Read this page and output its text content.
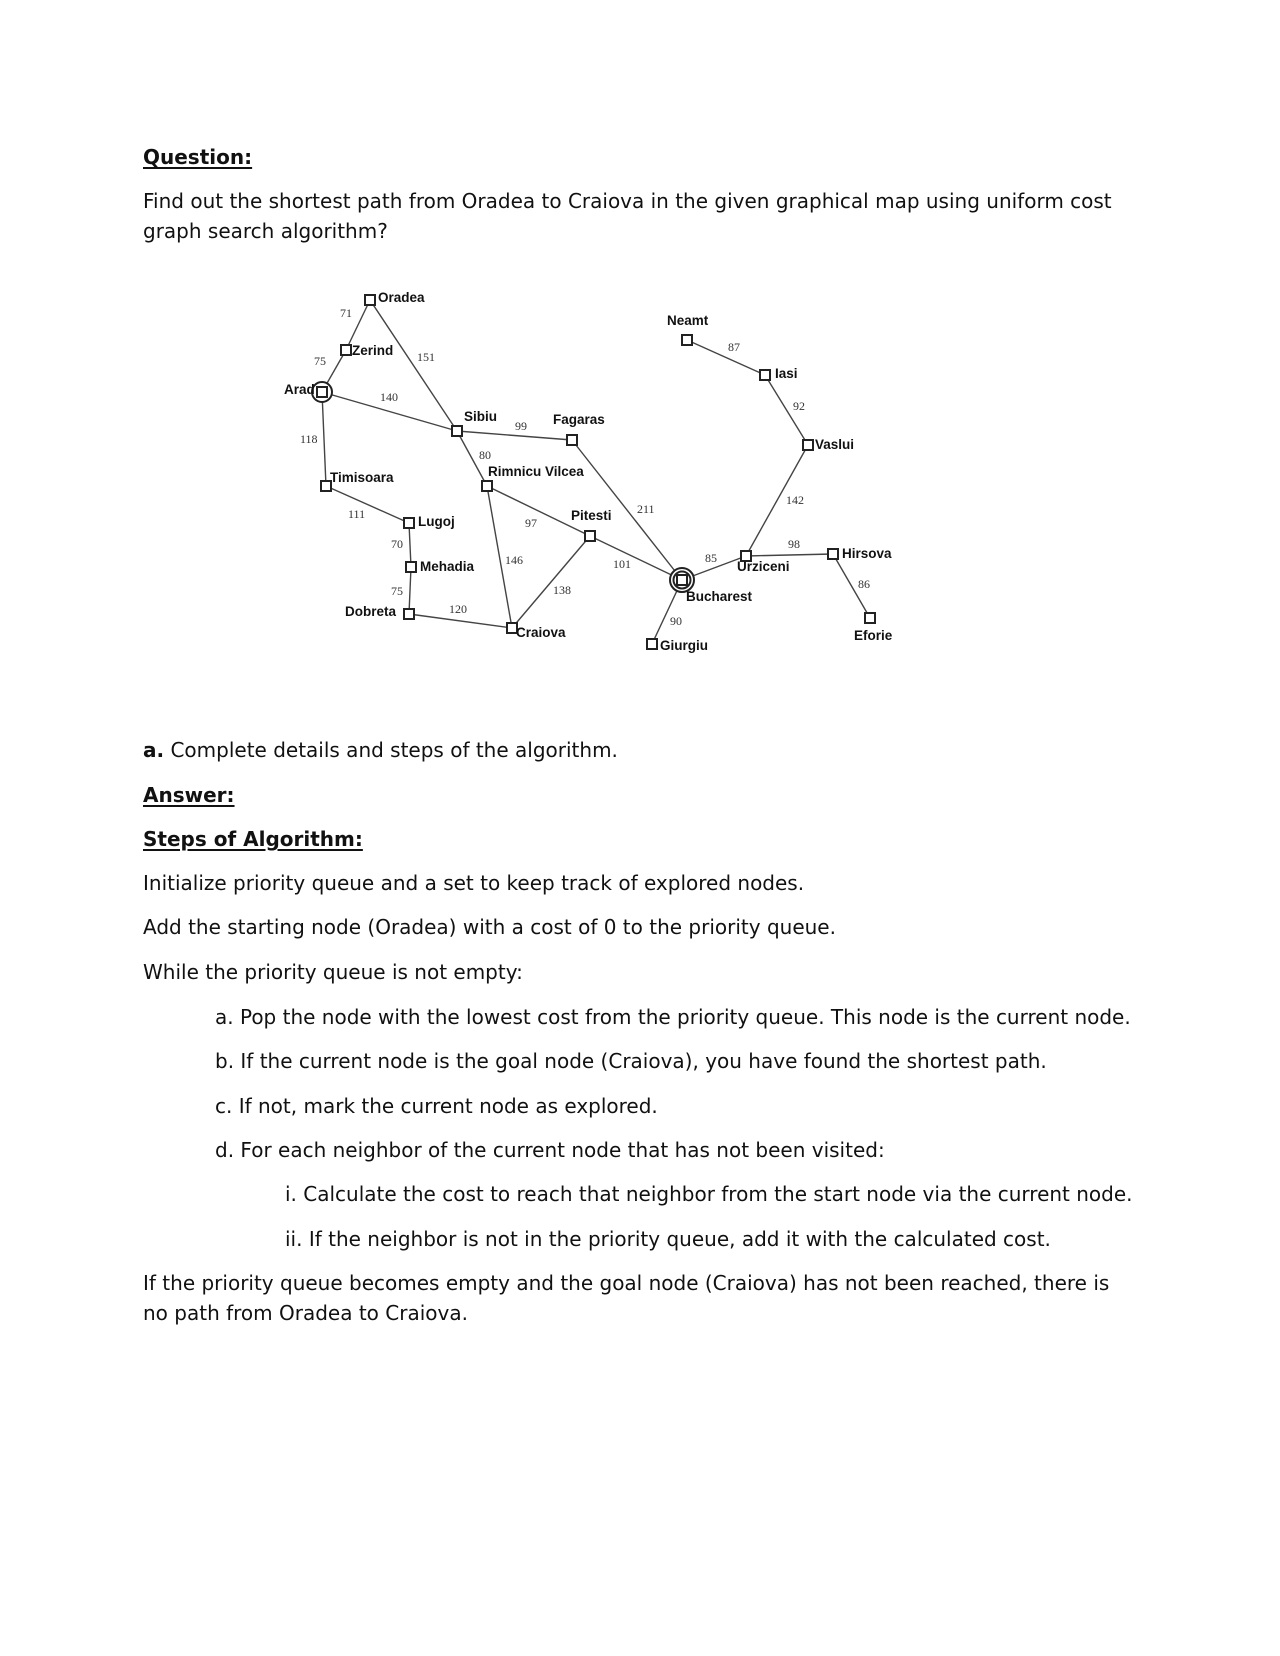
Question:
Find out the shortest path from Oradea to Craiova in the given graphical map using uniform cost graph search algorithm?
Oradea
Zerind
Arad
Timisoara
Lugoj
Mehadia
Dobreta
Sibiu	Fagaras
Rimnicu Vilcea
Pitesti
Craiova
Bucharest
Giurgiu
Urziceni
Neamt
Iasi
Vaslui
Hirsova
Eforie
71
75
140
151
118
111
70
75
120
99
80
97
146
138
211
101
90
85
87
92
142
98
86
a. Complete details and steps of the algorithm.
Answer:
Steps of Algorithm:
Initialize priority queue and a set to keep track of explored nodes.
Add the starting node (Oradea) with a cost of 0 to the priority queue.
While the priority queue is not empty:
a. Pop the node with the lowest cost from the priority queue. This node is the current node.
b. If the current node is the goal node (Craiova), you have found the shortest path.
c. If not, mark the current node as explored.
d. For each neighbor of the current node that has not been visited:
i. Calculate the cost to reach that neighbor from the start node via the current node.
ii. If the neighbor is not in the priority queue, add it with the calculated cost.
If the priority queue becomes empty and the goal node (Craiova) has not been reached, there is no path from Oradea to Craiova.
